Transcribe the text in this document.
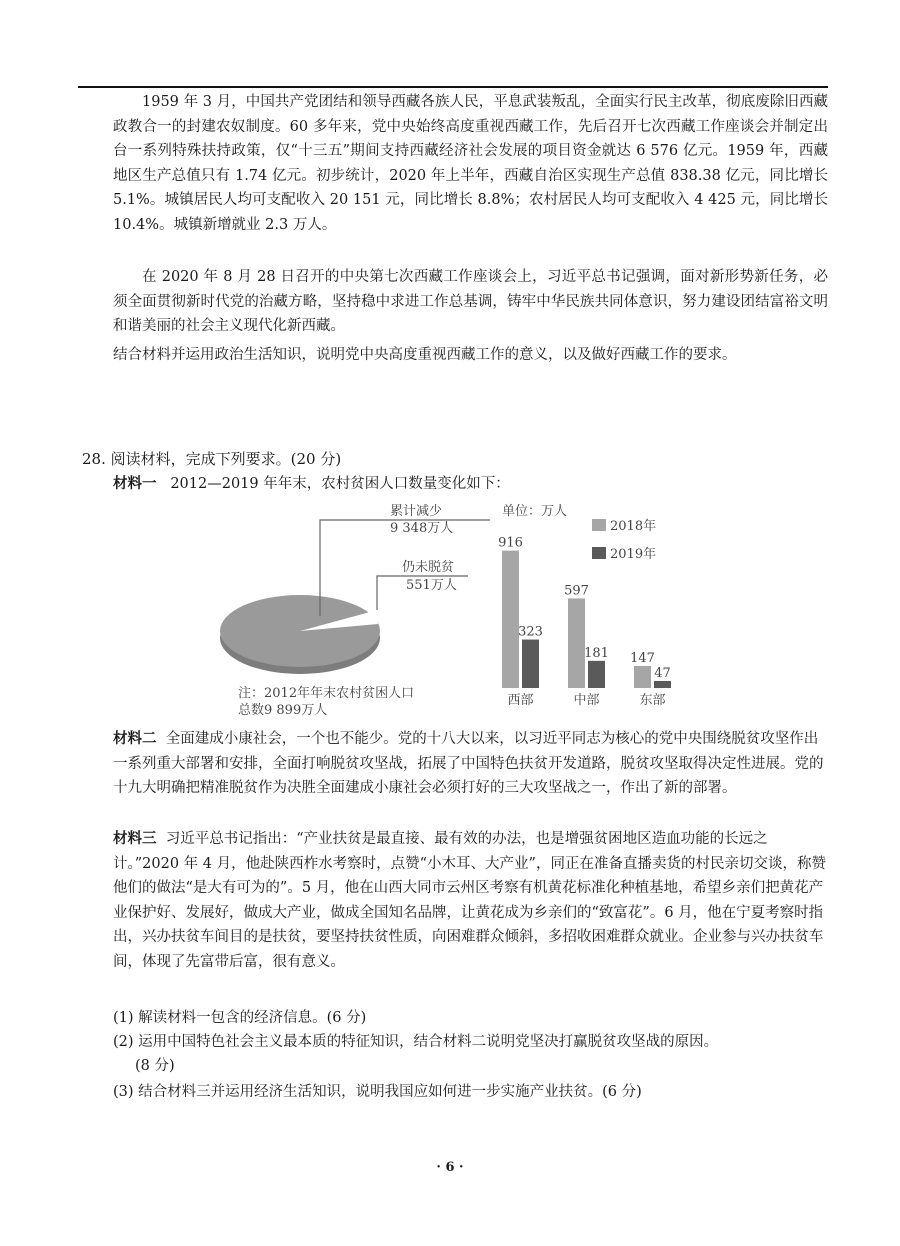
1959 年 3 月，中国共产党团结和领导西藏各族人民，平息武装叛乱，全面实行民主改革，彻底废除旧西藏政教合一的封建农奴制度。60 多年来，党中央始终高度重视西藏工作，先后召开七次西藏工作座谈会并制定出台一系列特殊扶持政策，仅“十三五”期间支持西藏经济社会发展的项目资金就达 6 576 亿元。1959 年，西藏地区生产总值只有 1.74 亿元。初步统计，2020 年上半年，西藏自治区实现生产总值 838.38 亿元，同比增长 5.1%。城镇居民人均可支配收入 20 151 元，同比增长 8.8%；农村居民人均可支配收入 4 425 元，同比增长 10.4%。城镇新增就业 2.3 万人。

在 2020 年 8 月 28 日召开的中央第七次西藏工作座谈会上，习近平总书记强调，面对新形势新任务，必须全面贯彻新时代党的治藏方略，坚持稳中求进工作总基调，铸牢中华民族共同体意识，努力建设团结富裕文明和谐美丽的社会主义现代化新西藏。

结合材料并运用政治生活知识，说明党中央高度重视西藏工作的意义，以及做好西藏工作的要求。

28. 阅读材料，完成下列要求。(20 分)
材料一 2012—2019 年年末，农村贫困人口数量变化如下：
累计减少
9 348万人
仍未脱贫
551万人
注：2012年年末农村贫困人口
总数9 899万人
单位：万人
2018年
2019年
916
323
西部
597
181
中部
147
47
东部

材料二 全面建成小康社会，一个也不能少。党的十八大以来，以习近平同志为核心的党中央围绕脱贫攻坚作出一系列重大部署和安排，全面打响脱贫攻坚战，拓展了中国特色扶贫开发道路，脱贫攻坚取得决定性进展。党的十九大明确把精准脱贫作为决胜全面建成小康社会必须打好的三大攻坚战之一，作出了新的部署。

材料三 习近平总书记指出：“产业扶贫是最直接、最有效的办法，也是增强贫困地区造血功能的长远之计。”2020 年 4 月，他赴陕西柞水考察时，点赞“小木耳、大产业”，同正在准备直播卖货的村民亲切交谈，称赞他们的做法“是大有可为的”。5 月，他在山西大同市云州区考察有机黄花标准化种植基地，希望乡亲们把黄花产业保护好、发展好，做成大产业，做成全国知名品牌，让黄花成为乡亲们的“致富花”。6 月，他在宁夏考察时指出，兴办扶贫车间目的是扶贫，要坚持扶贫性质，向困难群众倾斜，多招收困难群众就业。企业参与兴办扶贫车间，体现了先富带后富，很有意义。

(1) 解读材料一包含的经济信息。(6 分)

(2) 运用中国特色社会主义最本质的特征知识，结合材料二说明党坚决打赢脱贫攻坚战的原因。

(8 分)

(3) 结合材料三并运用经济生活知识，说明我国应如何进一步实施产业扶贫。(6 分)

· 6 ·
